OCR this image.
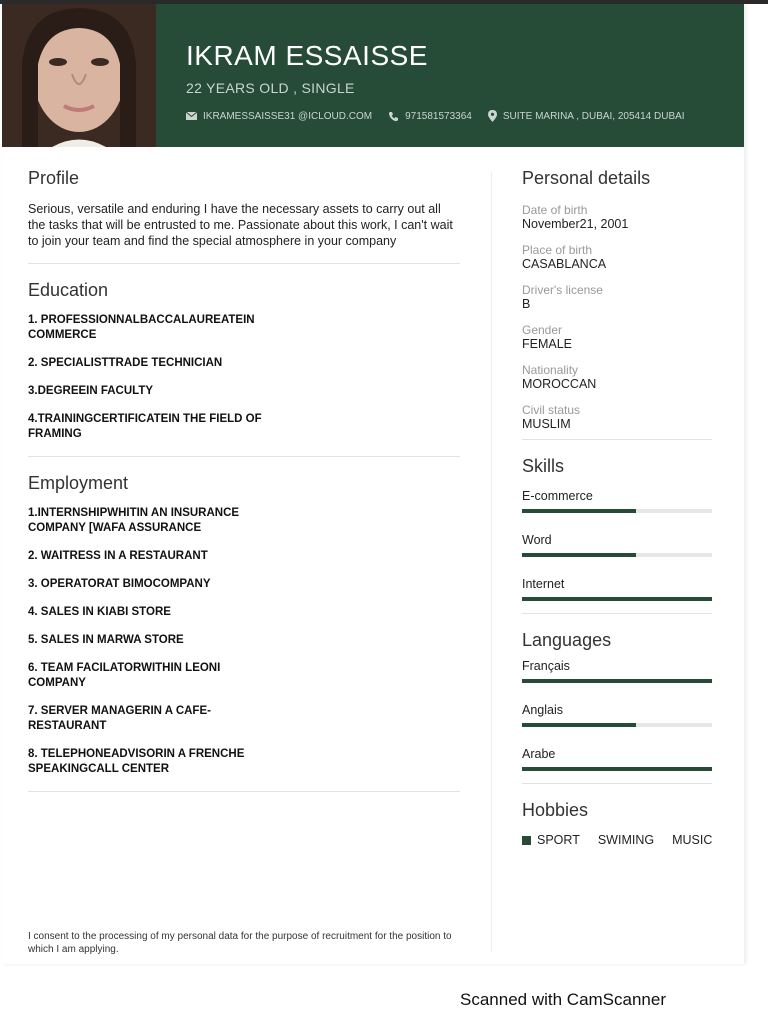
IKRAM ESSAISSE
22 YEARS OLD , SINGLE
IKRAMESSAISSE31 @ICLOUD.COM	971581573364	SUITE MARINA , DUBAI, 205414 DUBAI
Profile

Serious, versatile and enduring I have the necessary assets to carry out all the tasks that will be entrusted to me. Passionate about this work, I can't wait to join your team and find the special atmosphere in your company

Education
1. PROFESSIONNALBACCALAUREATEIN COMMERCE
2. SPECIALISTTRADE TECHNICIAN
3.DEGREEIN FACULTY
4.TRAININGCERTIFICATEIN THE FIELD OF FRAMING
Employment
1.INTERNSHIPWHITIN AN INSURANCE COMPANY [WAFA ASSURANCE
2. WAITRESS IN A RESTAURANT
3. OPERATORAT BIMOCOMPANY
4. SALES IN KIABI STORE
5. SALES IN MARWA STORE
6. TEAM FACILATORWITHIN LEONI COMPANY
7. SERVER MANAGERIN A CAFE-RESTAURANT
8. TELEPHONEADVISORIN A FRENCHE SPEAKINGCALL CENTER
Personal details

Date of birth

November21, 2001

Place of birth

CASABLANCA

Driver's license

B

Gender

FEMALE

Nationality

MOROCCAN

Civil status

MUSLIM

Skills

E-commerce

Word

Internet

Languages

Français

Anglais

Arabe

Hobbies
SPORT SWIMING MUSIC
I consent to the processing of my personal data for the purpose of recruitment for the position to which I am applying.
Scanned with CamScanner
